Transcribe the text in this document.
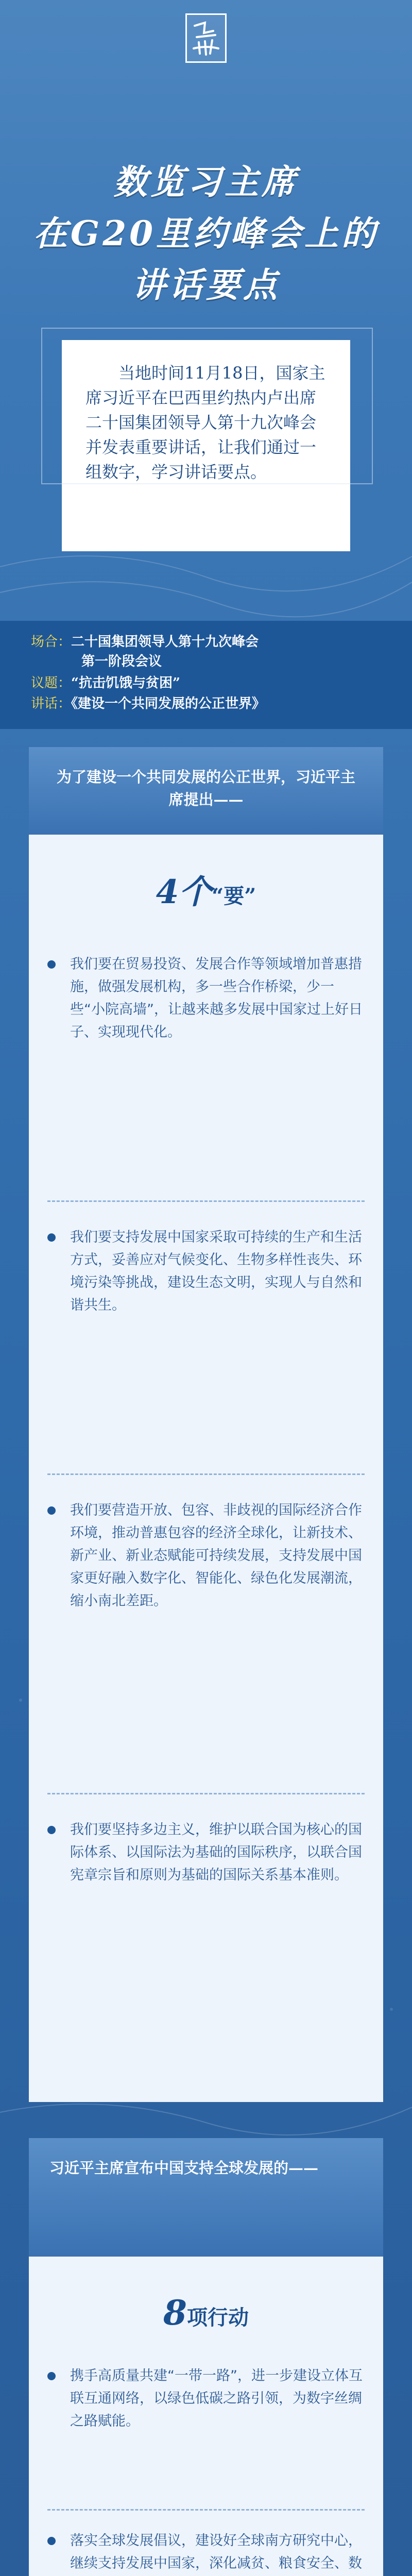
数览习主席
在G20里约峰会上的
讲话要点

当地时间11月18日，国家主席习近平在巴西里约热内卢出席二十国集团领导人第十九次峰会并发表重要讲话，让我们通过一组数字，学习讲话要点。

场合：二十国集团领导人第十九次峰会
第一阶段会议
议题：“抗击饥饿与贫困”
讲话：《建设一个共同发展的公正世界》
为了建设一个共同发展的公正世界，习近平主席提出——
4个“要”
我们要在贸易投资、发展合作等领域增加普惠措施，做强发展机构，多一些合作桥梁，少一些“小院高墙”，让越来越多发展中国家过上好日子、实现现代化。
我们要支持发展中国家采取可持续的生产和生活方式，妥善应对气候变化、生物多样性丧失、环境污染等挑战，建设生态文明，实现人与自然和谐共生。
我们要营造开放、包容、非歧视的国际经济合作环境，推动普惠包容的经济全球化，让新技术、新产业、新业态赋能可持续发展，支持发展中国家更好融入数字化、智能化、绿色化发展潮流，缩小南北差距。
我们要坚持多边主义，维护以联合国为核心的国际体系、以国际法为基础的国际秩序，以联合国宪章宗旨和原则为基础的国际关系基本准则。
习近平主席宣布中国支持全球发展的——
8项行动
携手高质量共建“一带一路”，进一步建设立体互联互通网络，以绿色低碳之路引领，为数字丝绸之路赋能。
落实全球发展倡议，建设好全球南方研究中心，继续支持发展中国家，深化减贫、粮食安全、数
